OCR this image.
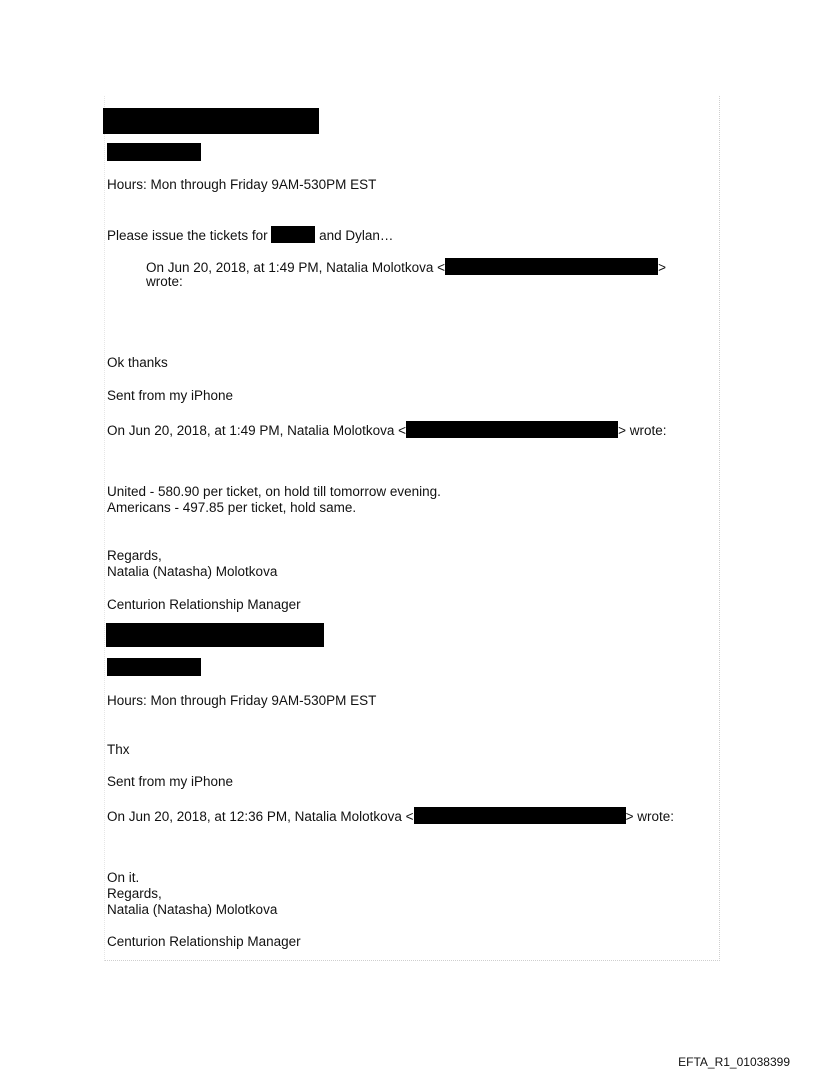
Hours: Mon through Friday 9AM-530PM EST
Please issue the tickets for	and Dylan…
On Jun 20, 2018, at 1:49 PM, Natalia Molotkova <	>
wrote:
Ok thanks
Sent from my iPhone
On Jun 20, 2018, at 1:49 PM, Natalia Molotkova <	> wrote:
United - 580.90 per ticket, on hold till tomorrow evening.
Americans - 497.85 per ticket, hold same.
Regards,
Natalia (Natasha) Molotkova
Centurion Relationship Manager
Hours: Mon through Friday 9AM-530PM EST
Thx
Sent from my iPhone
On Jun 20, 2018, at 12:36 PM, Natalia Molotkova <	> wrote:
On it.
Regards,
Natalia (Natasha) Molotkova
Centurion Relationship Manager
EFTA_R1_01038399
